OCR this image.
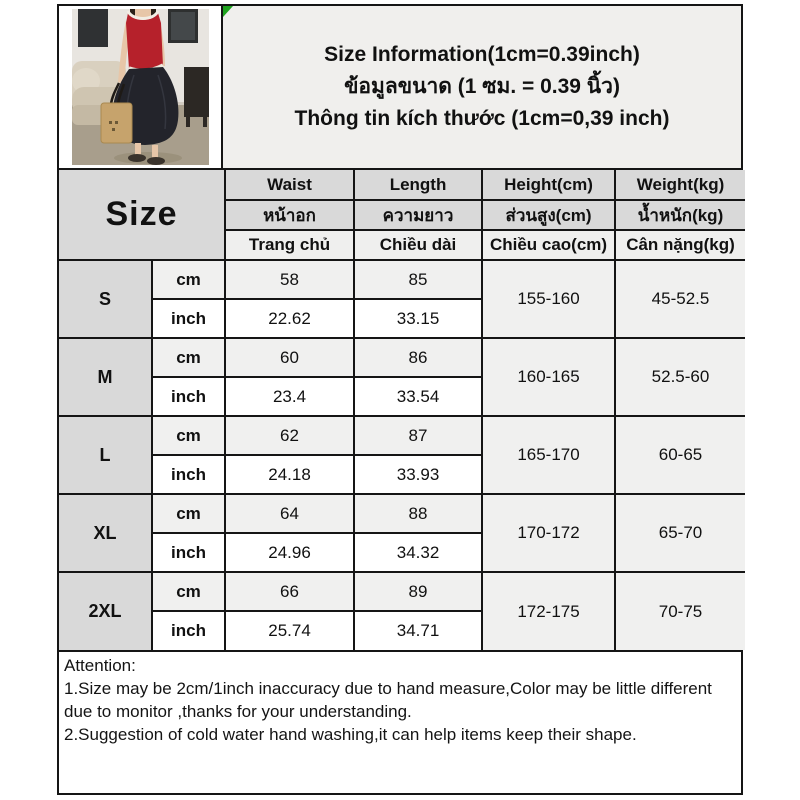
Size Information(1cm=0.39inch)
ข้อมูลขนาด (1 ซม. = 0.39 นิ้ว)
Thông tin kích thước (1cm=0,39 inch)
Size		Waist	Length	Height(cm)	Weight(kg)
		หน้าอก	ความยาว	ส่วนสูง(cm)	น้ำหนัก(kg)
		Trang chủ	Chiều dài	Chiều cao(cm)	Cân nặng(kg)
S	cm	58	85	155-160	45-52.5
	inch	22.62	33.15		
M	cm	60	86	160-165	52.5-60
	inch	23.4	33.54		
L	cm	62	87	165-170	60-65
	inch	24.18	33.93		
XL	cm	64	88	170-172	65-70
	inch	24.96	34.32		
2XL	cm	66	89	172-175	70-75
	inch	25.74	34.71		
Attention:
1.Size may be 2cm/1inch inaccuracy due to hand measure,Color may be little different due to monitor ,thanks for your understanding.
2.Suggestion of cold water hand washing,it can help items keep their shape.
